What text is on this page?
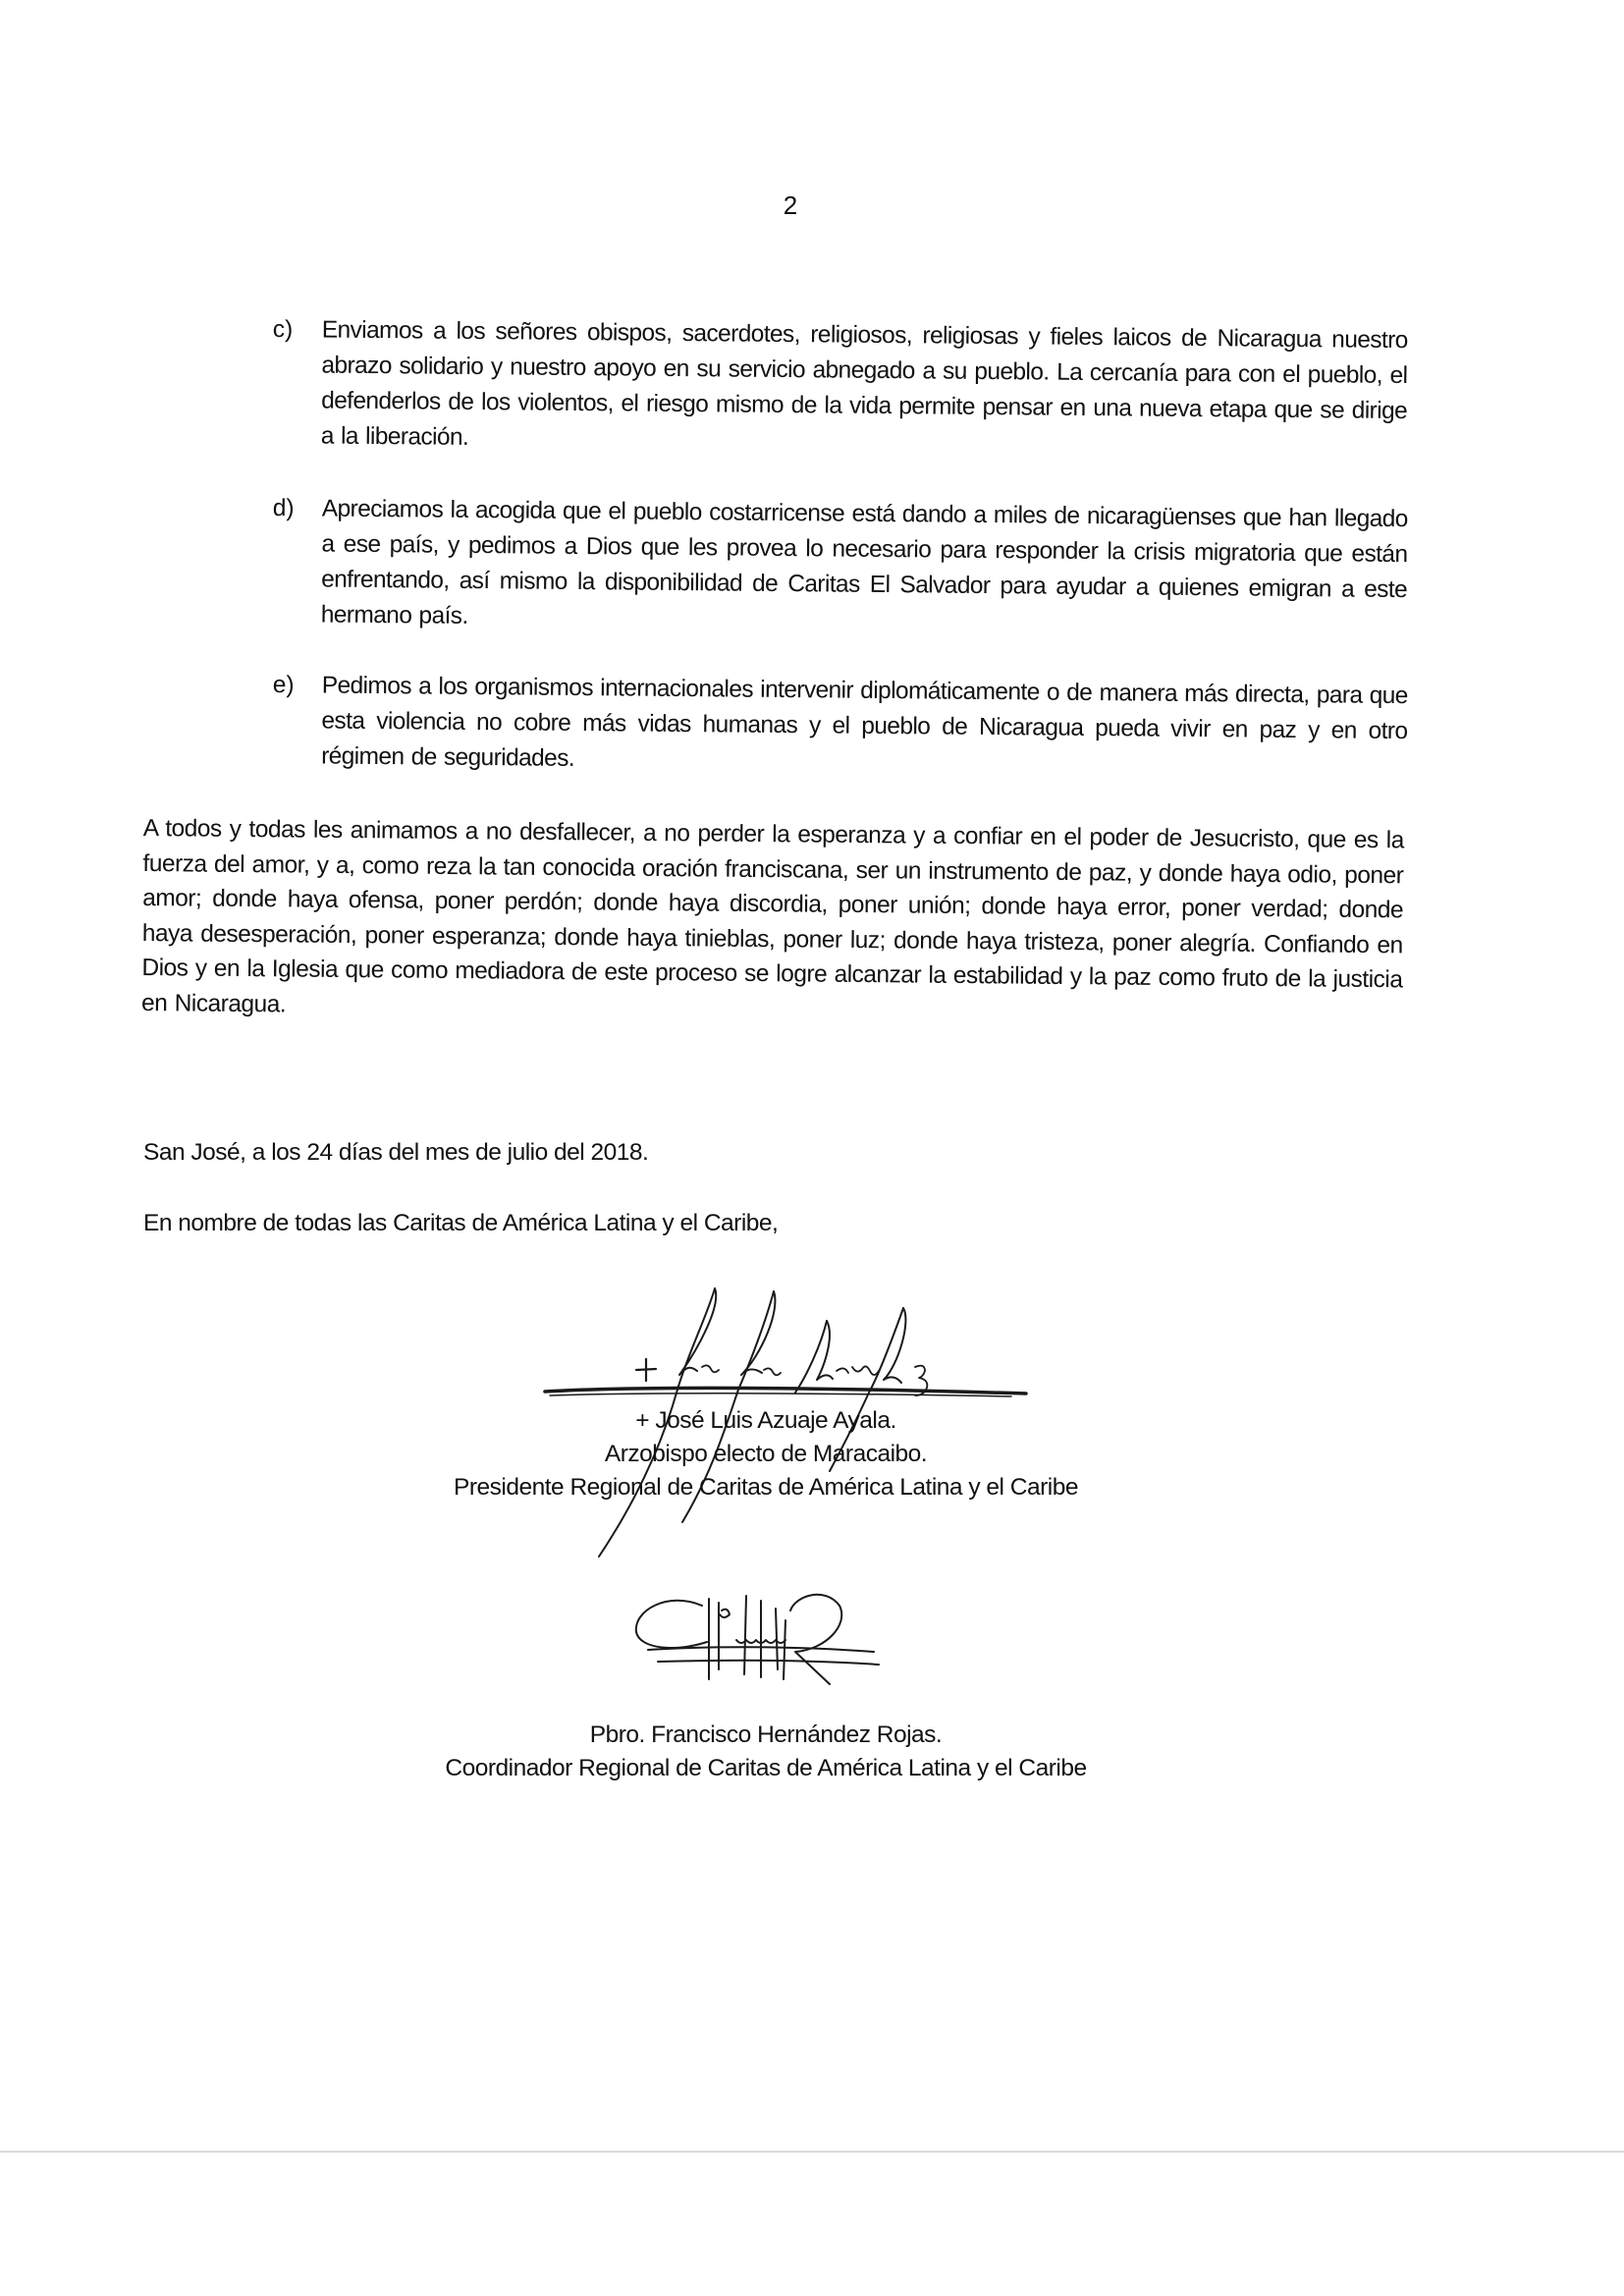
2
c)	Enviamos a los señores obispos, sacerdotes, religiosos, religiosas y fieles laicos de Nicaragua nuestro abrazo solidario y nuestro apoyo en su servicio abnegado a su pueblo. La cercanía para con el pueblo, el defenderlos de los violentos, el riesgo mismo de la vida permite pensar en una nueva etapa que se dirige a la liberación.
d)	Apreciamos la acogida que el pueblo costarricense está dando a miles de nicaragüenses que han llegado a ese país, y pedimos a Dios que les provea lo necesario para responder la crisis migratoria que están enfrentando, así mismo la disponibilidad de Caritas El Salvador para ayudar a quienes emigran a este hermano país.
e)	Pedimos a los organismos internacionales intervenir diplomáticamente o de manera más directa, para que esta violencia no cobre más vidas humanas y el pueblo de Nicaragua pueda vivir en paz y en otro régimen de seguridades.
A todos y todas les animamos a no desfallecer, a no perder la esperanza y a confiar en el poder de Jesucristo, que es la fuerza del amor, y a, como reza la tan conocida oración franciscana, ser un instrumento de paz, y donde haya odio, poner amor; donde haya ofensa, poner perdón; donde haya discordia, poner unión; donde haya error, poner verdad; donde haya desesperación, poner esperanza; donde haya tinieblas, poner luz; donde haya tristeza, poner alegría. Confiando en Dios y en la Iglesia que como mediadora de este proceso se logre alcanzar la estabilidad y la paz como fruto de la justicia en Nicaragua.
San José, a los 24 días del mes de julio del 2018.
En nombre de todas las Caritas de América Latina y el Caribe,
+ José Luis Azuaje Ayala.
Arzobispo electo de Maracaibo.
Presidente Regional de Caritas de América Latina y el Caribe
Pbro. Francisco Hernández Rojas.
Coordinador Regional de Caritas de América Latina y el Caribe
